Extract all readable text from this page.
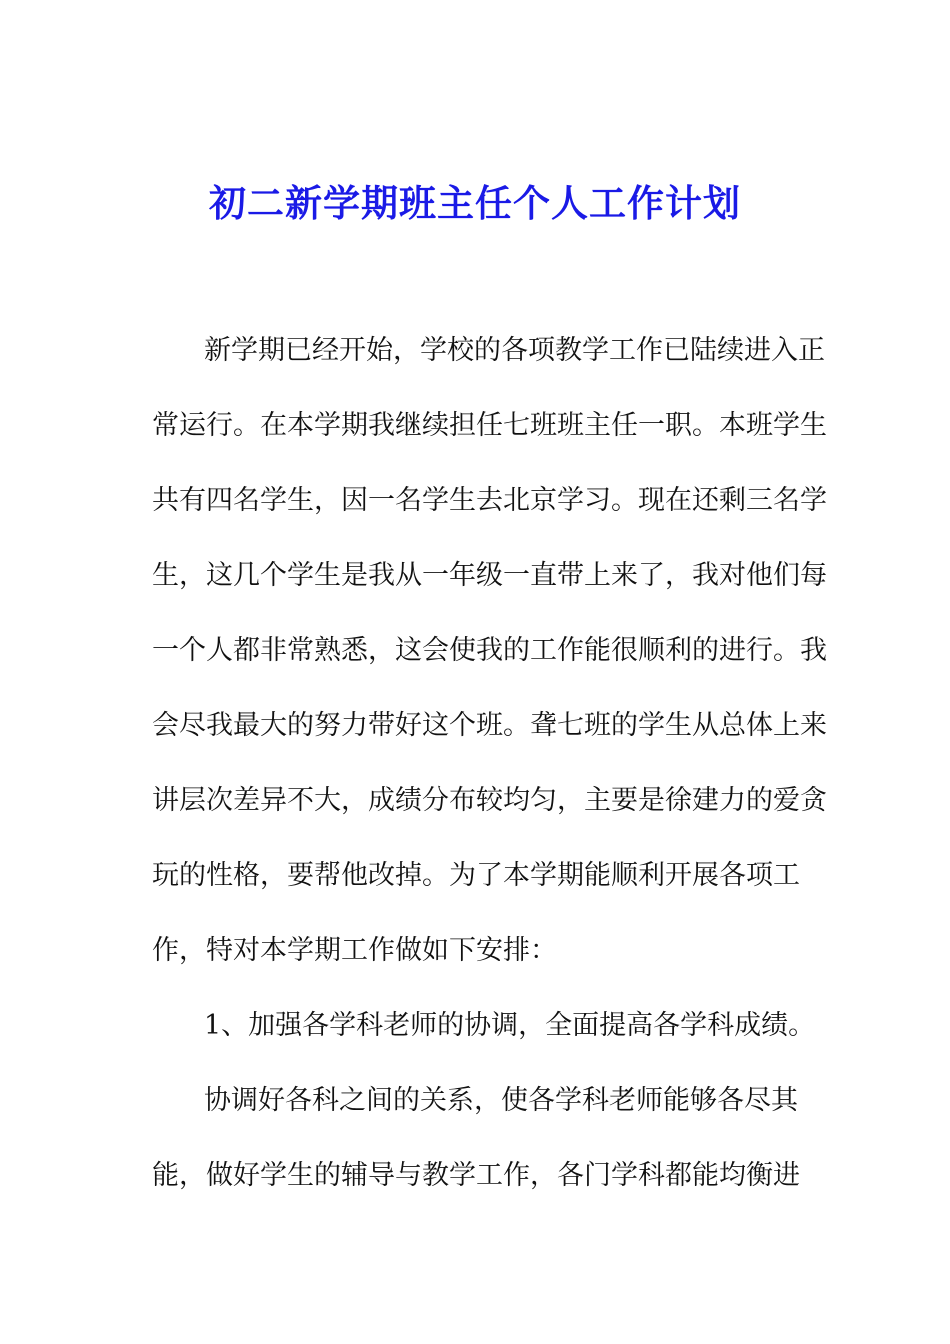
初二新学期班主任个人工作计划

新学期已经开始，学校的各项教学工作已陆续进入正

常运行。在本学期我继续担任七班班主任一职。本班学生

共有四名学生，因一名学生去北京学习。现在还剩三名学

生，这几个学生是我从一年级一直带上来了，我对他们每

一个人都非常熟悉，这会使我的工作能很顺利的进行。我

会尽我最大的努力带好这个班。聋七班的学生从总体上来

讲层次差异不大，成绩分布较均匀，主要是徐建力的爱贪

玩的性格，要帮他改掉。为了本学期能顺利开展各项工

作，特对本学期工作做如下安排：

1、加强各学科老师的协调，全面提高各学科成绩。

协调好各科之间的关系，使各学科老师能够各尽其

能，做好学生的辅导与教学工作，各门学科都能均衡进
